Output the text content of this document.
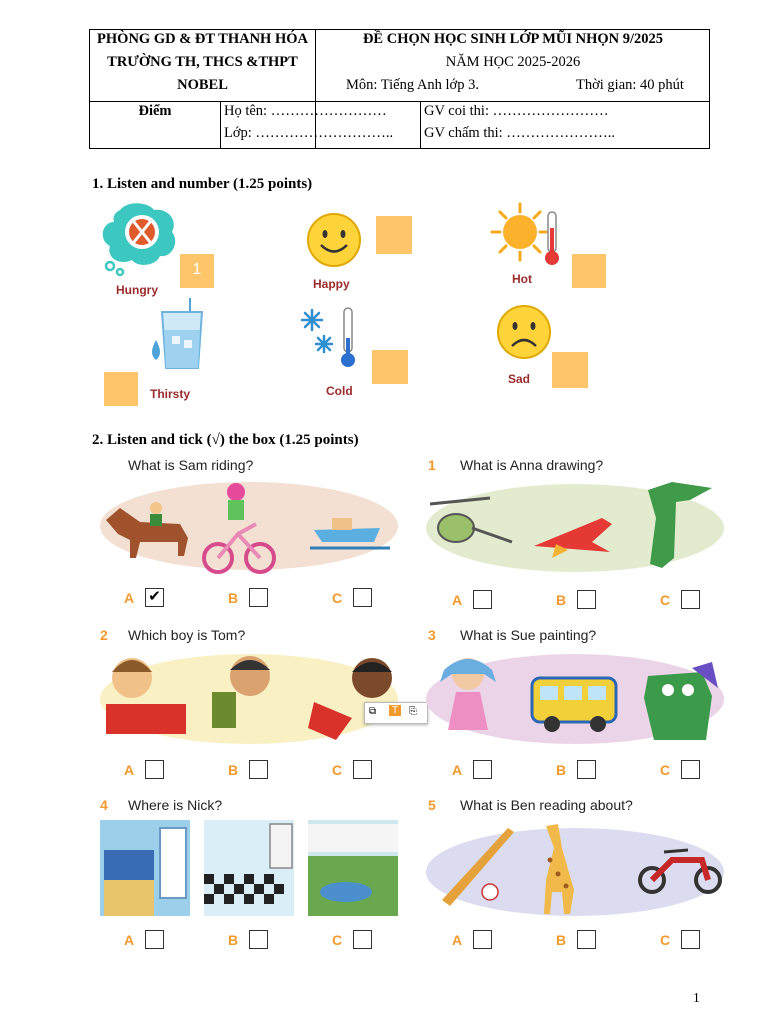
PHÒNG GD & ĐT THANH HÓA
TRƯỜNG TH, THCS &THPT
NOBEL
ĐỀ CHỌN HỌC SINH LỚP MŨI NHỌN 9/2025
NĂM HỌC 2025-2026
Môn: Tiếng Anh lớp 3.	Thời gian: 40 phút
Điểm	Họ tên: ……………………
Lớp: ………………………..
GV coi thi: ……………………
GV chấm thi: …………………..
1. Listen and number (1.25 points)
Hungry
1
Happy	Hot
Thirsty	Cold
Sad
2. Listen and tick (√) the box (1.25 points)
What is Sam riding?
A ✔	B	C
1 What is Anna drawing?
A	B	C
2 Which boy is Tom?
⧉	T	⎘
A	B	C
3 What is Sue painting?
A	B	C
4 Where is Nick?
A	B	C
5 What is Ben reading about?
A	B	C
1
